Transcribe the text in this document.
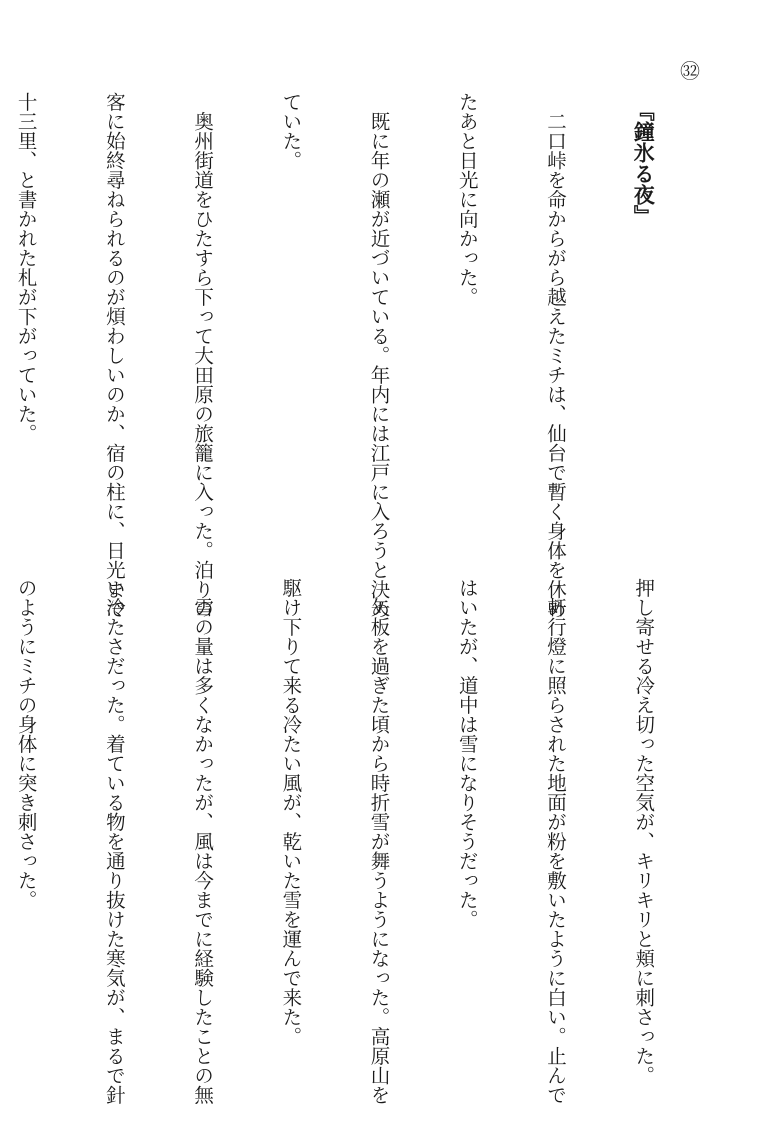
㉜

『鐘氷る夜』

　二口峠を命からがら越えたミチは、仙台で暫く身体を休め

たあと日光に向かった。

　既に年の瀬が近づいている。年内には江戸に入ろうと決め

ていた。

　奥州街道をひたすら下って大田原の旅籠に入った。泊りの

客に始終尋ねられるのが煩わしいのか、宿の柱に、日光まで

十三里、と書かれた札が下がっていた。

押し寄せる冷え切った空気が、キリキリと頬に刺さった。

　軒行燈に照らされた地面が粉を敷いたように白い。止んで

はいたが、道中は雪になりそうだった。

　矢板を過ぎた頃から時折雪が舞うようになった。高原山を

駆け下りて来る冷たい風が、乾いた雪を運んで来た。

　雪の量は多くなかったが、風は今までに経験したことの無

い冷たさだった。着ている物を通り抜けた寒気が、まるで針

のようにミチの身体に突き刺さった。
